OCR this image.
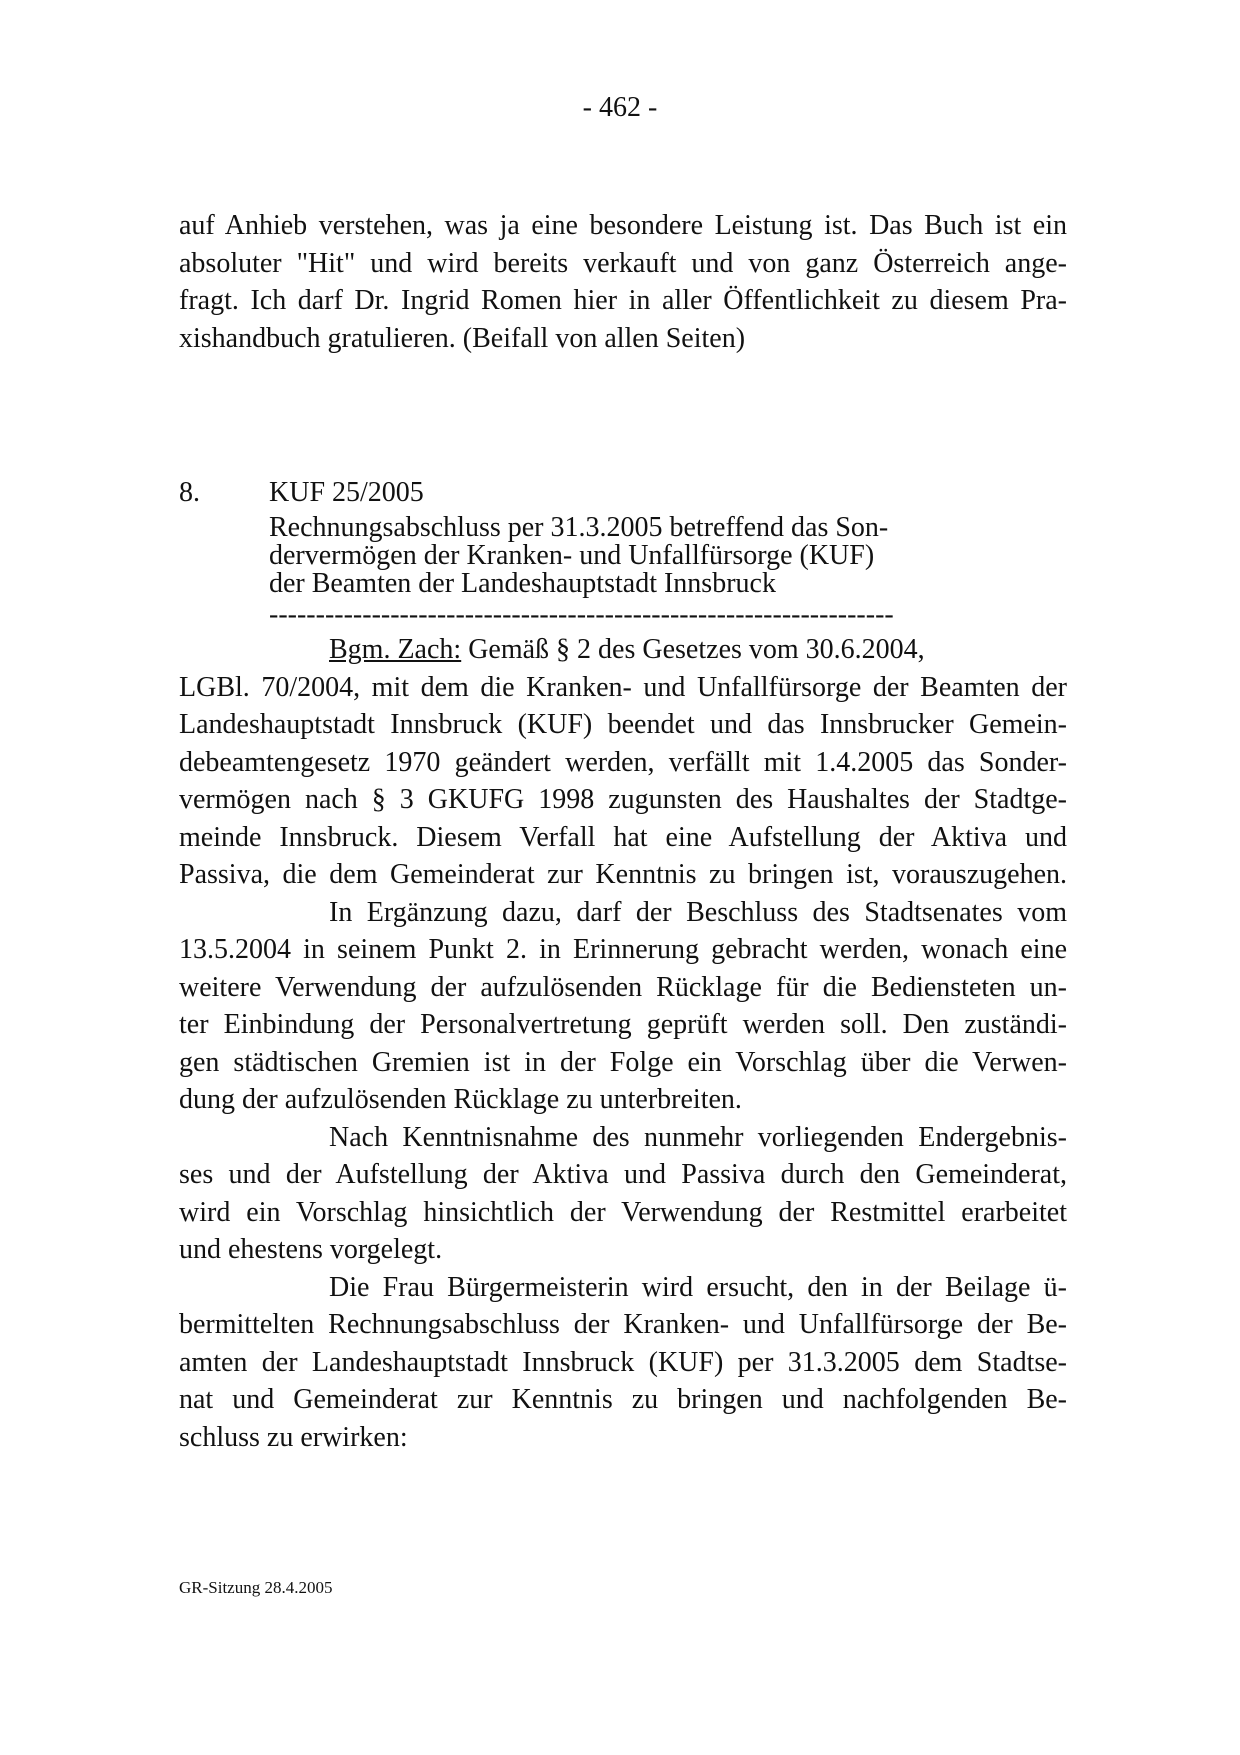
- 462 -
auf Anhieb verstehen, was ja eine besondere Leistung ist. Das Buch ist ein
absoluter "Hit" und wird bereits verkauft und von ganz Österreich ange-
fragt. Ich darf Dr. Ingrid Romen hier in aller Öffentlichkeit zu diesem Pra-
xishandbuch gratulieren. (Beifall von allen Seiten)
8.	KUF 25/2005
Rechnungsabschluss per 31.3.2005 betreffend das Son-
dervermögen der Kranken- und Unfallfürsorge (KUF)
der Beamten der Landeshauptstadt Innsbruck
-------------------------------------------------------------------
Bgm. Zach: Gemäß § 2 des Gesetzes vom 30.6.2004,
LGBl. 70/2004, mit dem die Kranken- und Unfallfürsorge der Beamten der
Landeshauptstadt Innsbruck (KUF) beendet und das Innsbrucker Gemein-
debeamtengesetz 1970 geändert werden, verfällt mit 1.4.2005 das Sonder-
vermögen nach § 3 GKUFG 1998 zugunsten des Haushaltes der Stadtge-
meinde Innsbruck. Diesem Verfall hat eine Aufstellung der Aktiva und
Passiva, die dem Gemeinderat zur Kenntnis zu bringen ist, vorauszugehen.
In Ergänzung dazu, darf der Beschluss des Stadtsenates vom
13.5.2004 in seinem Punkt 2. in Erinnerung gebracht werden, wonach eine
weitere Verwendung der aufzulösenden Rücklage für die Bediensteten un-
ter Einbindung der Personalvertretung geprüft werden soll. Den zuständi-
gen städtischen Gremien ist in der Folge ein Vorschlag über die Verwen-
dung der aufzulösenden Rücklage zu unterbreiten.
Nach Kenntnisnahme des nunmehr vorliegenden Endergebnis-
ses und der Aufstellung der Aktiva und Passiva durch den Gemeinderat,
wird ein Vorschlag hinsichtlich der Verwendung der Restmittel erarbeitet
und ehestens vorgelegt.
Die Frau Bürgermeisterin wird ersucht, den in der Beilage ü-
bermittelten Rechnungsabschluss der Kranken- und Unfallfürsorge der Be-
amten der Landeshauptstadt Innsbruck (KUF) per 31.3.2005 dem Stadtse-
nat und Gemeinderat zur Kenntnis zu bringen und nachfolgenden Be-
schluss zu erwirken:
GR-Sitzung 28.4.2005
